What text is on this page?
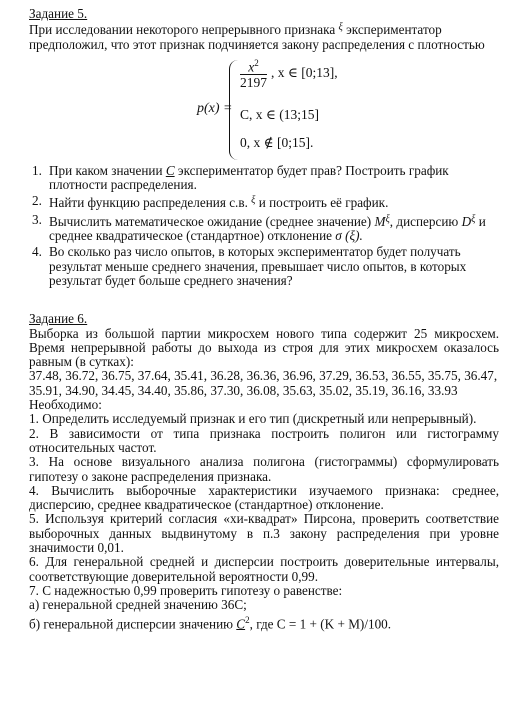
Задание 5.

При исследовании некоторого непрерывного признака $^\xi$ экспериментатор предположил, что этот признак подчиняется закону распределения с плотностью

p(x) =
$\frac{x^2}{2197}$ , x ∈ [0;13],
C, x ∈ (13;15]
0, x ∉ [0;15].
1. При каком значении C экспериментатор будет прав? Построить график плотности распределения.
2. Найти функцию распределения с.в. $^\xi$ и построить её график.
3. Вычислить математическое ожидание (среднее значение) $M^\xi$, дисперсию $D^\xi$ и среднее квадратическое (стандартное) отклонение σ (ξ).
4. Во сколько раз число опытов, в которых экспериментатор будет получать результат меньше среднего значения, превышает число опытов, в которых результат будет больше среднего значения?

Задание 6.

Выборка из большой партии микросхем нового типа содержит 25 микросхем. Время непрерывной работы до выхода из строя для этих микросхем оказалось равным (в сутках):

37.48, 36.72, 36.75, 37.64, 35.41, 36.28, 36.36, 36.96, 37.29, 36.53, 36.55, 35.75, 36.47, 35.91, 34.90, 34.45, 34.40, 35.86, 37.30, 36.08, 35.63, 35.02, 35.19, 36.16, 33.93

Необходимо:

1. Определить исследуемый признак и его тип (дискретный или непрерывный).

2. В зависимости от типа признака построить полигон или гистограмму относительных частот.

3. На основе визуального анализа полигона (гистограммы) сформулировать гипотезу о законе распределения признака.

4. Вычислить выборочные характеристики изучаемого признака: среднее, дисперсию, среднее квадратическое (стандартное) отклонение.

5. Используя критерий согласия «хи-квадрат» Пирсона, проверить соответствие выборочных данных выдвинутому в п.3 закону распределения при уровне значимости 0,01.

6. Для генеральной средней и дисперсии построить доверительные интервалы, соответствующие доверительной вероятности 0,99.

7. С надежностью 0,99 проверить гипотезу о равенстве:

а) генеральной средней значению 36C;

б) генеральной дисперсии значению $C^2$, где C = 1 + (K + M)/100.
